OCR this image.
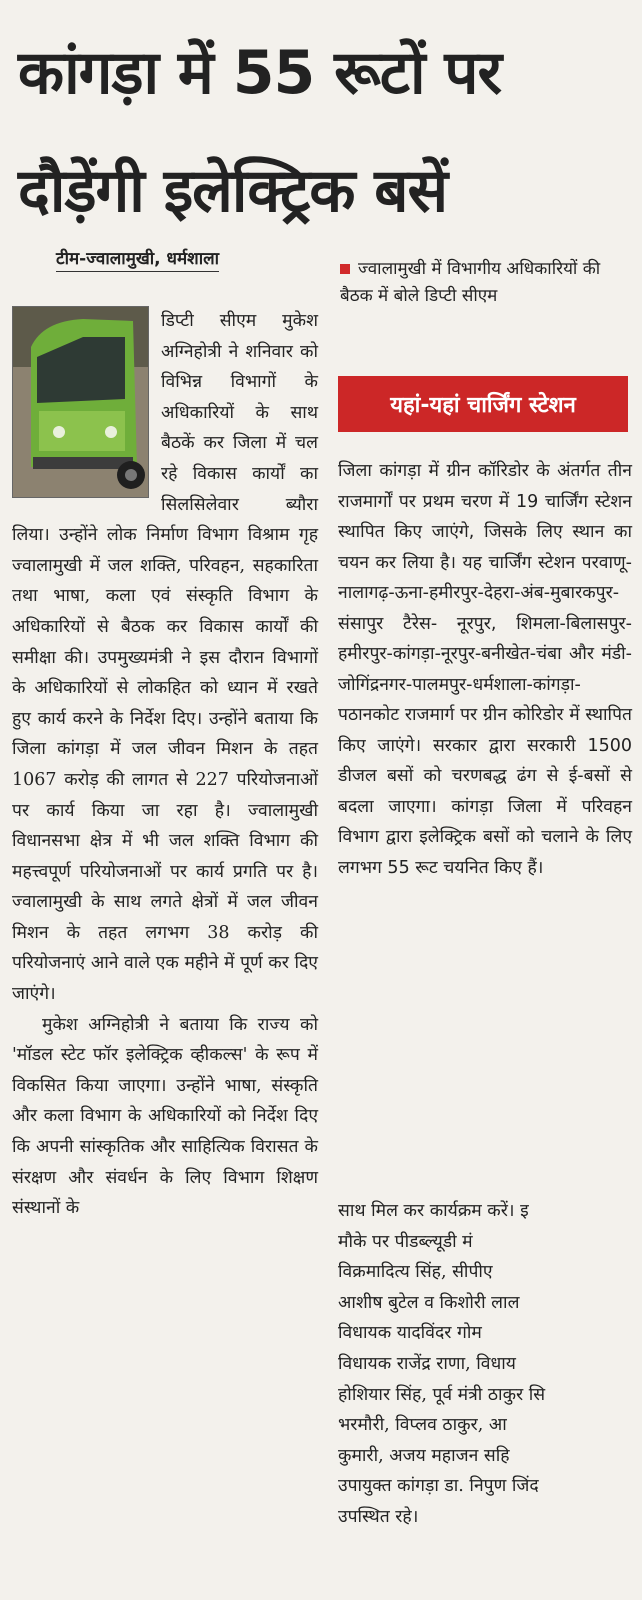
कांगड़ा में 55 रूटों पर
दौड़ेंगी इलेक्ट्रिक बसें
टीम-ज्वालामुखी, धर्मशाला	ज्वालामुखी में विभागीय अधिकारियों की बैठक में बोले डिप्टी सीएम
यहां-यहां चार्जिंग स्टेशन
जिला कांगड़ा में ग्रीन कॉरिडोर के अंतर्गत तीन राजमार्गों पर प्रथम चरण में 19 चार्जिंग स्टेशन स्थापित किए जाएंगे, जिसके लिए स्थान का चयन कर लिया है। यह चार्जिंग स्टेशन परवाणू-नालागढ़-ऊना-हमीरपुर-देहरा-अंब-मुबारकपुर-संसापुर टैरेस- नूरपुर, शिमला-बिलासपुर-हमीरपुर-कांगड़ा-नूरपुर-बनीखेत-चंबा और मंडी-जोगिंद्रनगर-पालमपुर-धर्मशाला-कांगड़ा-पठानकोट राजमार्ग पर ग्रीन कोरिडोर में स्थापित किए जाएंगे। सरकार द्वारा सरकारी 1500 डीजल बसों को चरणबद्ध ढंग से ई-बसों से बदला जाएगा। कांगड़ा जिला में परिवहन विभाग द्वारा इलेक्ट्रिक बसों को चलाने के लिए लगभग 55 रूट चयनित किए हैं।

डिप्टी सीएम मुकेश अग्निहोत्री ने शनिवार को विभिन्न विभागों के अधिकारियों के साथ बैठकें कर जिला में चल रहे विकास कार्यों का सिलसिलेवार ब्यौरा लिया। उन्होंने लोक निर्माण विभाग विश्राम गृह ज्वालामुखी में जल शक्ति, परिवहन, सहकारिता तथा भाषा, कला एवं संस्कृति विभाग के अधिकारियों से बैठक कर विकास कार्यों की समीक्षा की। उपमुख्यमंत्री ने इस दौरान विभागों के अधिकारियों से लोकहित को ध्यान में रखते हुए कार्य करने के निर्देश दिए। उन्होंने बताया कि जिला कांगड़ा में जल जीवन मिशन के तहत 1067 करोड़ की लागत से 227 परियोजनाओं पर कार्य किया जा रहा है। ज्वालामुखी विधानसभा क्षेत्र में भी जल शक्ति विभाग की महत्त्वपूर्ण परियोजनाओं पर कार्य प्रगति पर है। ज्वालामुखी के साथ लगते क्षेत्रों में जल जीवन मिशन के तहत लगभग 38 करोड़ की परियोजनाएं आने वाले एक महीने में पूर्ण कर दिए जाएंगे।

मुकेश अग्निहोत्री ने बताया कि राज्य को 'मॉडल स्टेट फॉर इलेक्ट्रिक व्हीकल्स' के रूप में विकसित किया जाएगा। उन्होंने भाषा, संस्कृति और कला विभाग के अधिकारियों को निर्देश दिए कि अपनी सांस्कृतिक और साहित्यिक विरासत के संरक्षण और संवर्धन के लिए विभाग शिक्षण संस्थानों के	साथ मिल कर कार्यक्रम करें। इ
मौके पर पीडब्ल्यूडी मं
विक्रमादित्य सिंह, सीपीए
आशीष बुटेल व किशोरी लाल
विधायक यादविंदर गोम
विधायक राजेंद्र राणा, विधाय
होशियार सिंह, पूर्व मंत्री ठाकुर सि
भरमौरी, विप्लव ठाकुर, आ
कुमारी, अजय महाजन सहि
उपायुक्त कांगड़ा डा. निपुण जिंद
उपस्थित रहे।
